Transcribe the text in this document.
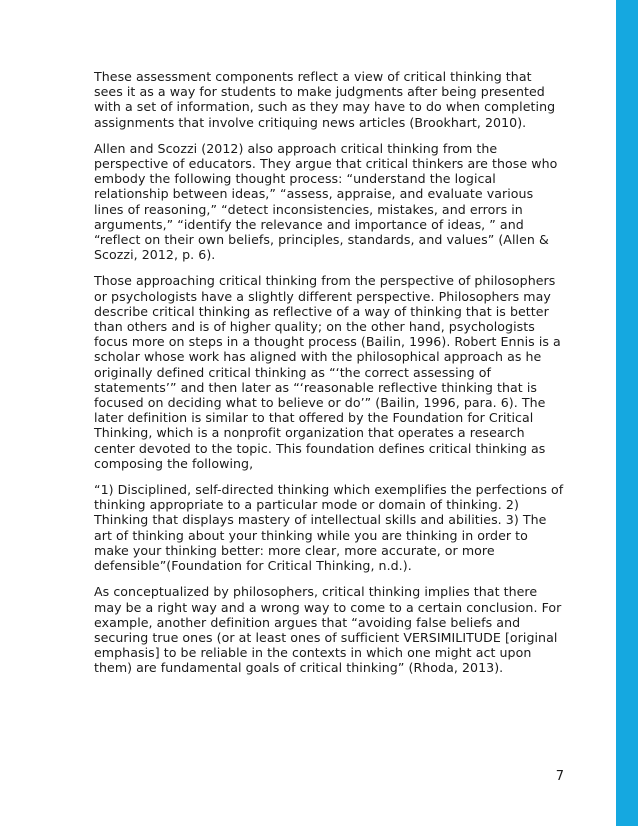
These assessment components reflect a view of critical thinking that sees it as a way for students to make judgments after being presented with a set of information, such as they may have to do when completing assignments that involve critiquing news articles (Brookhart, 2010).

Allen and Scozzi (2012) also approach critical thinking from the perspective of educators. They argue that critical thinkers are those who embody the following thought process: “understand the logical relationship between ideas,” “assess, appraise, and evaluate various lines of reasoning,” “detect inconsistencies, mistakes, and errors in arguments,” “identify the relevance and importance of ideas, ” and “reflect on their own beliefs, principles, standards, and values” (Allen & Scozzi, 2012, p. 6).

Those approaching critical thinking from the perspective of philosophers or psychologists have a slightly different perspective. Philosophers may describe critical thinking as reflective of a way of thinking that is better than others and is of higher quality; on the other hand, psychologists focus more on steps in a thought process (Bailin, 1996). Robert Ennis is a scholar whose work has aligned with the philosophical approach as he originally defined critical thinking as “‘the correct assessing of statements’” and then later as “‘reasonable reflective thinking that is focused on deciding what to believe or do’” (Bailin, 1996, para. 6). The later definition is similar to that offered by the Foundation for Critical Thinking, which is a nonprofit organization that operates a research center devoted to the topic. This foundation defines critical thinking as composing the following,

“1) Disciplined, self-directed thinking which exemplifies the perfections of thinking appropriate to a particular mode or domain of thinking. 2) Thinking that displays mastery of intellectual skills and abilities. 3) The art of thinking about your thinking while you are thinking in order to make your thinking better: more clear, more accurate, or more defensible”(Foundation for Critical Thinking, n.d.).

As conceptualized by philosophers, critical thinking implies that there may be a right way and a wrong way to come to a certain conclusion. For example, another definition argues that “avoiding false beliefs and securing true ones (or at least ones of sufficient VERSIMILITUDE [original emphasis] to be reliable in the contexts in which one might act upon them) are fundamental goals of critical thinking” (Rhoda, 2013).

7
